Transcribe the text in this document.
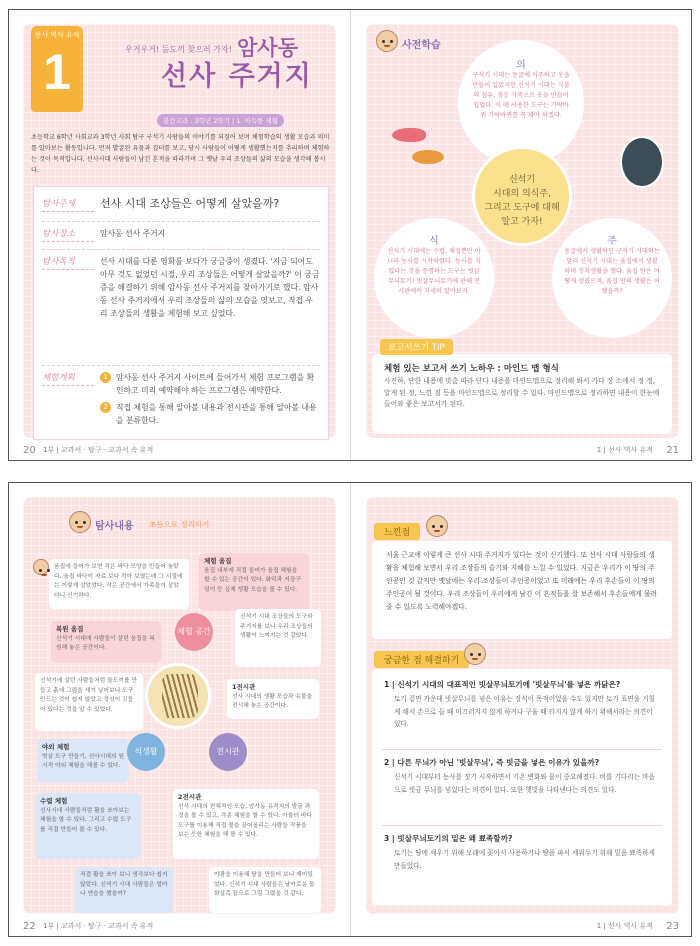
선사 역사 유적
1	우거우거! 듬도끼 찾으러 가자! 암사동
선사 주거지
관련교과 : 3학년 2학기 | 1. 아득한 세월
초등학교 6학년 사회교과 3학년 사회 탐구 구석기 사람들의 이야기를 되짚어 보며 체험학습의 생활 모습과 의미를 알아보는 활동입니다. 먼저 발굴된 유물과 집터를 보고, 당시 사람들이 어떻게 생활했는지를 추리하며 체험하는 것이 목적입니다. 선사시대 사람들이 남긴 흔적을 따라가며 그 옛날 우리 조상들의 삶의 모습을 생각해 봅시다.
탐사주제	선사 시대 조상들은 어떻게 살았을까?
탐사장소	암사동 선사 주거지
탐사목적	선사 시대를 다룬 영화를 보다가 궁금증이 생겼다. '지금 되어도 아무 것도 없었던 시절, 우리 조상들은 어떻게 살았을까?' 이 궁금증을 해결하기 위해 암사동 선사 주거지를 찾아가기로 했다. 암사동 선사 주거지에서 우리 조상들의 삶의 모습을 엿보고, 직접 우리 조상들의 생활을 체험해 보고 싶었다.
체험계획	1	암사동 선사 주거지 사이트에 들어가서 체험 프로그램을 확인하고 미리 예약해야 하는 프로그램은 예약한다.
2	직접 체험을 통해 알아볼 내용과 전시관을 통해 알아볼 내용을 분류한다.
20 1부 | 교과서 · 탐구 · 교과서 속 유적
사전학습
의
구석기 시대는 동굴에 거주하고 옷을 만들어 입었지만 신석기 시대는 식물의 섬유, 짐승 가죽으로 옷을 만들어 입었다. 이 때 사용한 도구는 가락바퀴 가락바퀴를 꼭 봐야 하겠다.
신석기
시대의 의식주,
그리고 도구에 대해
알고 가자!
식
신석기 시대에는 수렵, 채집뿐만 아니라 농사를 시작하였다. 농사를 지었다는 것을 증명하는 도구는 빗살무늬토기! 빗살무늬토기에 관해 전시관에서 자세히 알아보자.
주
동굴에서 생활하던 구석기 시대와는 달리 신석기 시대는 움집에서 생활하며 정착생활을 했다. 움집 안은 어떻게 생겼으며, 움집 안의 생활은 어땠을까?
체험 있는 보고서 쓰기 노하우 : 마인드 맵 형식
사진하, 단한 내용에 맞춤 따라 단다 내용을 마인드맵으로 정리해 봐서 가다 장 소에서 정 정, 알게 된 정, 느낀 점 등을 마인드맵으로 정리할 수 있다. 마인드맵으로 정리하면 내용이 한눈에 들어와 좋은 보고서가 된다.
보고서쓰기 TIP
1 | 선사 역사 유적 21
탐사내용 초등으로 정리하기
움집에 들어가 보면 작은 바닥 모양을 만들어 놓았다. 움집 바닥이 자료 보다 작아 보였는데 그 시절에는 이렇게 살았었다. 작은 공간에서 가족들이 살았다니 신기하다.
체험 움집
움집 내부에 직접 들어가 움집 체험을 할 수 있는 공간이 있다. 화덕과 저장구덩이 등 실제 생활 모습을 볼 수 있다.
복원 움집
신석기 시대에 사람들이 살던 움집을 복원해 놓은 공간이다.
체험 공간
신석기 시대 조상들의 도구와 주거지를 보니 우리 조상들의 생활이 느껴지는 것 같았다.
신석기에 살던 사람들처럼 돌도끼를 만들고 흙에 그림을 새겨 넣어보니 도구 만드는 것이 쉽지 않았고 정성이 깃들어 있다는 것을 알 수 있었다.
1전시관
선사 시대의 생활 모습과 유물을 전시해 놓은 공간이다.
야외 체험
빗살 도구 만들기, 선사시대의 원시적 야외 체험을 해볼 수 있다.
석생활	전시관
2전시관
선사 시대의 전체적인 모습, 암사동 유적지의 발굴 과정을 볼 수 있고, 각종 체험을 할 수 있다. 아울러 바다 도구를 이용해 직접 물을 끌어올리는 사람들 작품을 보는 듯한 체험을 해 볼 수 있다.
수렵 체험
선사시대 사람들처럼 활을 쏘아보는 체험을 할 수 있다. 그리고 수렵 도구를 직접 만들어 볼 수 있다.
직접 활을 쏘아 보니 생각보다 쉽지 않았다. 신석기 시대 사람들은 얼마나 연습을 했을까?
야광을 이용해 탈을 만들어 보니 재미있었다. 신석기 시대 사람들은 날카로운 돌 화살촉 끝으로 그림 그렸을 것 같다.
22 1부 | 교과서 · 탐구 · 교과서 속 유적
느낀점
서울 근교에 이렇게 큰 선사 시대 주거지가 있다는 것이 신기했다. 또 선사 시대 사람들의 생활을 체험해 보면서 우리 조상들의 슬기와 지혜를 느낄 수 있었다. 지금은 우리가 이 땅의 주인공인 것 같지만 옛날에는 우리 조상들이 주인공이었고 또 미래에는 우리 후손들이 이 땅의 주인공이 될 것이다. 우리 조상들이 우리에게 남긴 이 흔적들을 잘 보존해서 후손들에게 물려 줄 수 있도록 노력해야겠다.
궁금한 점 해결하기
1 | 신석기 시대의 대표적인 빗살무늬토기에 '빗살무늬'를 넣은 까닭은?
토기 겉면 가운데 빗살무늬를 넣은 이유는 장식이 목적이었을 수도 있지만 토기 표면을 거칠게 해서 손으로 들 때 미끄러지지 않게 하거나 구울 때 터지지 않게 하기 위해서라는 의견이 있다.
2 | 다른 무늬가 아닌 '빗살무늬', 즉 빗금을 넣은 이유가 있을까?
신석기 시대부터 농사를 짓기 시작하면서 기온 변화와 물이 중요해졌다. 비를 기다리는 마음으로 빗금 무늬를 넣었다는 의견이 있다. 또한 햇빛을 나타낸다는 의견도 있다.
3 | 빗살무늬토기의 밑은 왜 뾰족할까?
토기는 땅에 세우기 위해 모래에 꽂아서 사용하거나 땅을 파서 세워두기 위해 밑을 뾰족하게 만들었다.
1 | 선사 역사 유적 23
